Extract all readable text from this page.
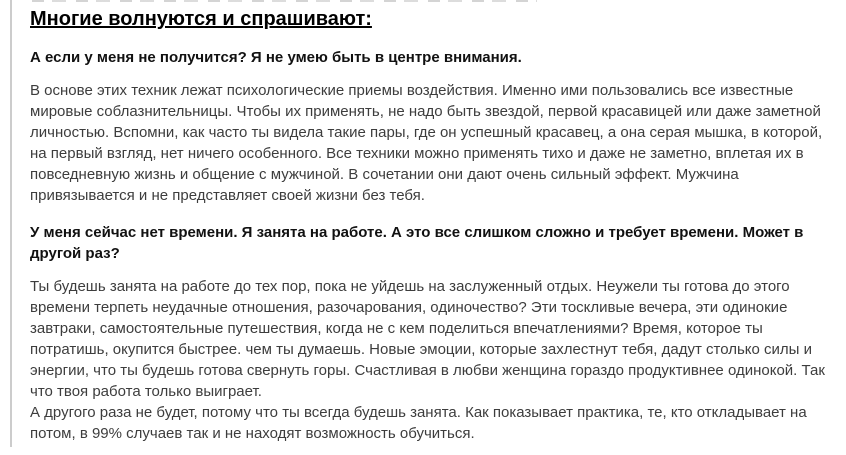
Многие волнуются и спрашивают:

А если у меня не получится? Я не умею быть в центре внимания.

В основе этих техник лежат психологические приемы воздействия. Именно ими пользовались все известные мировые соблазнительницы. Чтобы их применять, не надо быть звездой, первой красавицей или даже заметной личностью. Вспомни, как часто ты видела такие пары, где он успешный красавец, а она серая мышка, в которой, на первый взгляд, нет ничего особенного. Все техники можно применять тихо и даже не заметно, вплетая их в повседневную жизнь и общение с мужчиной. В сочетании они дают очень сильный эффект. Мужчина привязывается и не представляет своей жизни без тебя.

У меня сейчас нет времени. Я занята на работе. А это все слишком сложно и требует времени. Может в другой раз?

Ты будешь занята на работе до тех пор, пока не уйдешь на заслуженный отдых. Неужели ты готова до этого времени терпеть неудачные отношения, разочарования, одиночество? Эти тоскливые вечера, эти одинокие завтраки, самостоятельные путешествия, когда не с кем поделиться впечатлениями? Время, которое ты потратишь, окупится быстрее. чем ты думаешь. Новые эмоции, которые захлестнут тебя, дадут столько силы и энергии, что ты будешь готова свернуть горы. Счастливая в любви женщина гораздо продуктивнее одинокой. Так что твоя работа только выиграет.
А другого раза не будет, потому что ты всегда будешь занята. Как показывает практика, те, кто откладывает на потом, в 99% случаев так и не находят возможность обучиться.
